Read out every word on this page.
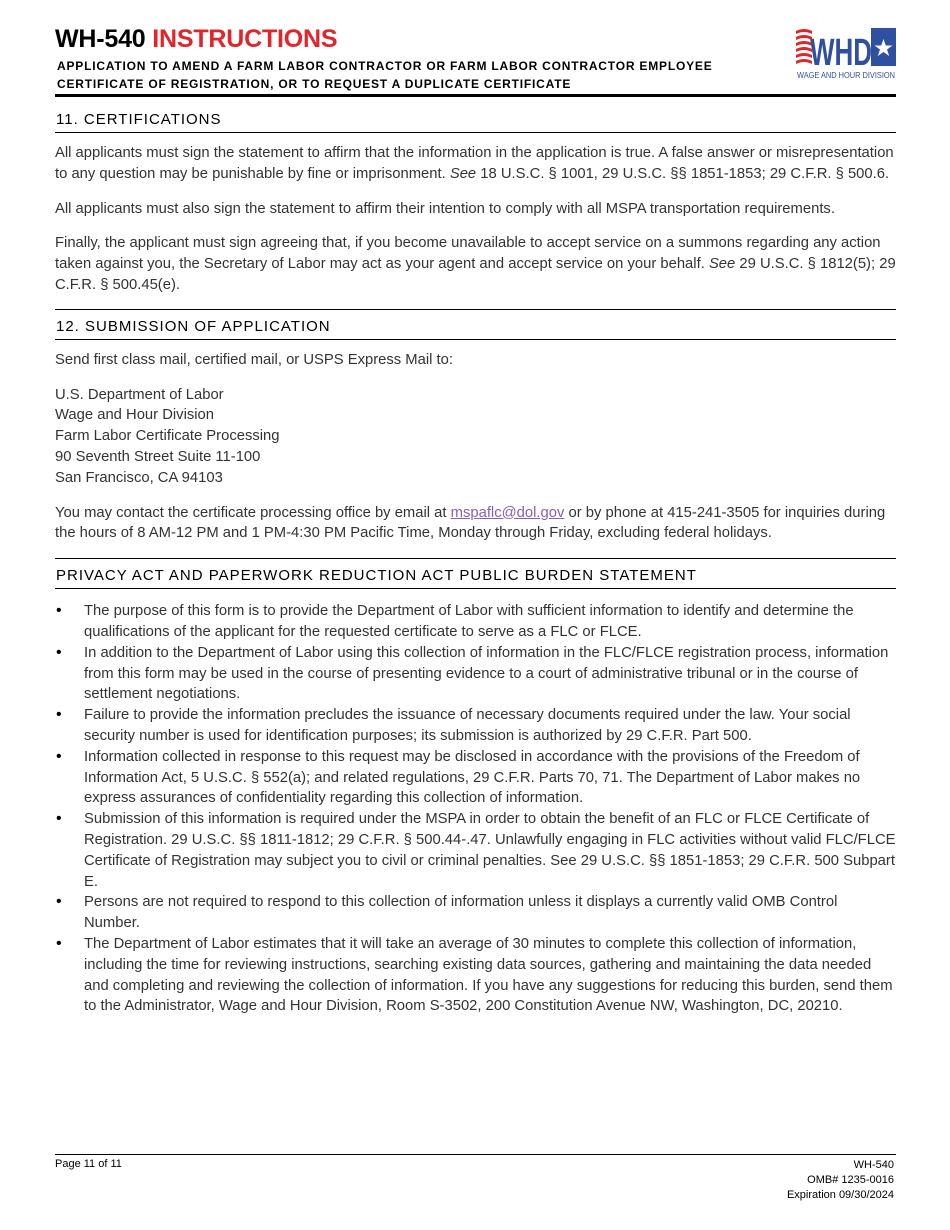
WH-540 INSTRUCTIONS
APPLICATION TO AMEND A FARM LABOR CONTRACTOR OR FARM LABOR CONTRACTOR EMPLOYEE
CERTIFICATE OF REGISTRATION, OR TO REQUEST A DUPLICATE CERTIFICATE
WHD
WAGE AND HOUR DIVISION
11. CERTIFICATIONS

All applicants must sign the statement to affirm that the information in the application is true. A false answer or misrepresentation to any question may be punishable by fine or imprisonment. See 18 U.S.C. § 1001, 29 U.S.C. §§ 1851-1853; 29 C.F.R. § 500.6.

All applicants must also sign the statement to affirm their intention to comply with all MSPA transportation requirements.

Finally, the applicant must sign agreeing that, if you become unavailable to accept service on a summons regarding any action taken against you, the Secretary of Labor may act as your agent and accept service on your behalf. See 29 U.S.C. § 1812(5); 29 C.F.R. § 500.45(e).

12. SUBMISSION OF APPLICATION

Send first class mail, certified mail, or USPS Express Mail to:

U.S. Department of Labor

Wage and Hour Division

Farm Labor Certificate Processing

90 Seventh Street Suite 11-100

San Francisco, CA 94103

You may contact the certificate processing office by email at mspaflc@dol.gov or by phone at 415-241-3505 for inquiries during the hours of 8 AM-12 PM and 1 PM-4:30 PM Pacific Time, Monday through Friday, excluding federal holidays.

PRIVACY ACT AND PAPERWORK REDUCTION ACT PUBLIC BURDEN STATEMENT
• The purpose of this form is to provide the Department of Labor with sufficient information to identify and determine the qualifications of the applicant for the requested certificate to serve as a FLC or FLCE.
• In addition to the Department of Labor using this collection of information in the FLC/FLCE registration process, information from this form may be used in the course of presenting evidence to a court of administrative tribunal or in the course of settlement negotiations.
• Failure to provide the information precludes the issuance of necessary documents required under the law. Your social security number is used for identification purposes; its submission is authorized by 29 C.F.R. Part 500.
• Information collected in response to this request may be disclosed in accordance with the provisions of the Freedom of Information Act, 5 U.S.C. § 552(a); and related regulations, 29 C.F.R. Parts 70, 71. The Department of Labor makes no express assurances of confidentiality regarding this collection of information.
• Submission of this information is required under the MSPA in order to obtain the benefit of an FLC or FLCE Certificate of Registration. 29 U.S.C. §§ 1811-1812; 29 C.F.R. § 500.44-.47. Unlawfully engaging in FLC activities without valid FLC/FLCE Certificate of Registration may subject you to civil or criminal penalties. See 29 U.S.C. §§ 1851-1853; 29 C.F.R. 500 Subpart E.
• Persons are not required to respond to this collection of information unless it displays a currently valid OMB Control Number.
• The Department of Labor estimates that it will take an average of 30 minutes to complete this collection of information, including the time for reviewing instructions, searching existing data sources, gathering and maintaining the data needed and completing and reviewing the collection of information. If you have any suggestions for reducing this burden, send them to the Administrator, Wage and Hour Division, Room S-3502, 200 Constitution Avenue NW, Washington, DC, 20210.
Page 11 of 11	WH-540
OMB# 1235-0016
Expiration 09/30/2024
